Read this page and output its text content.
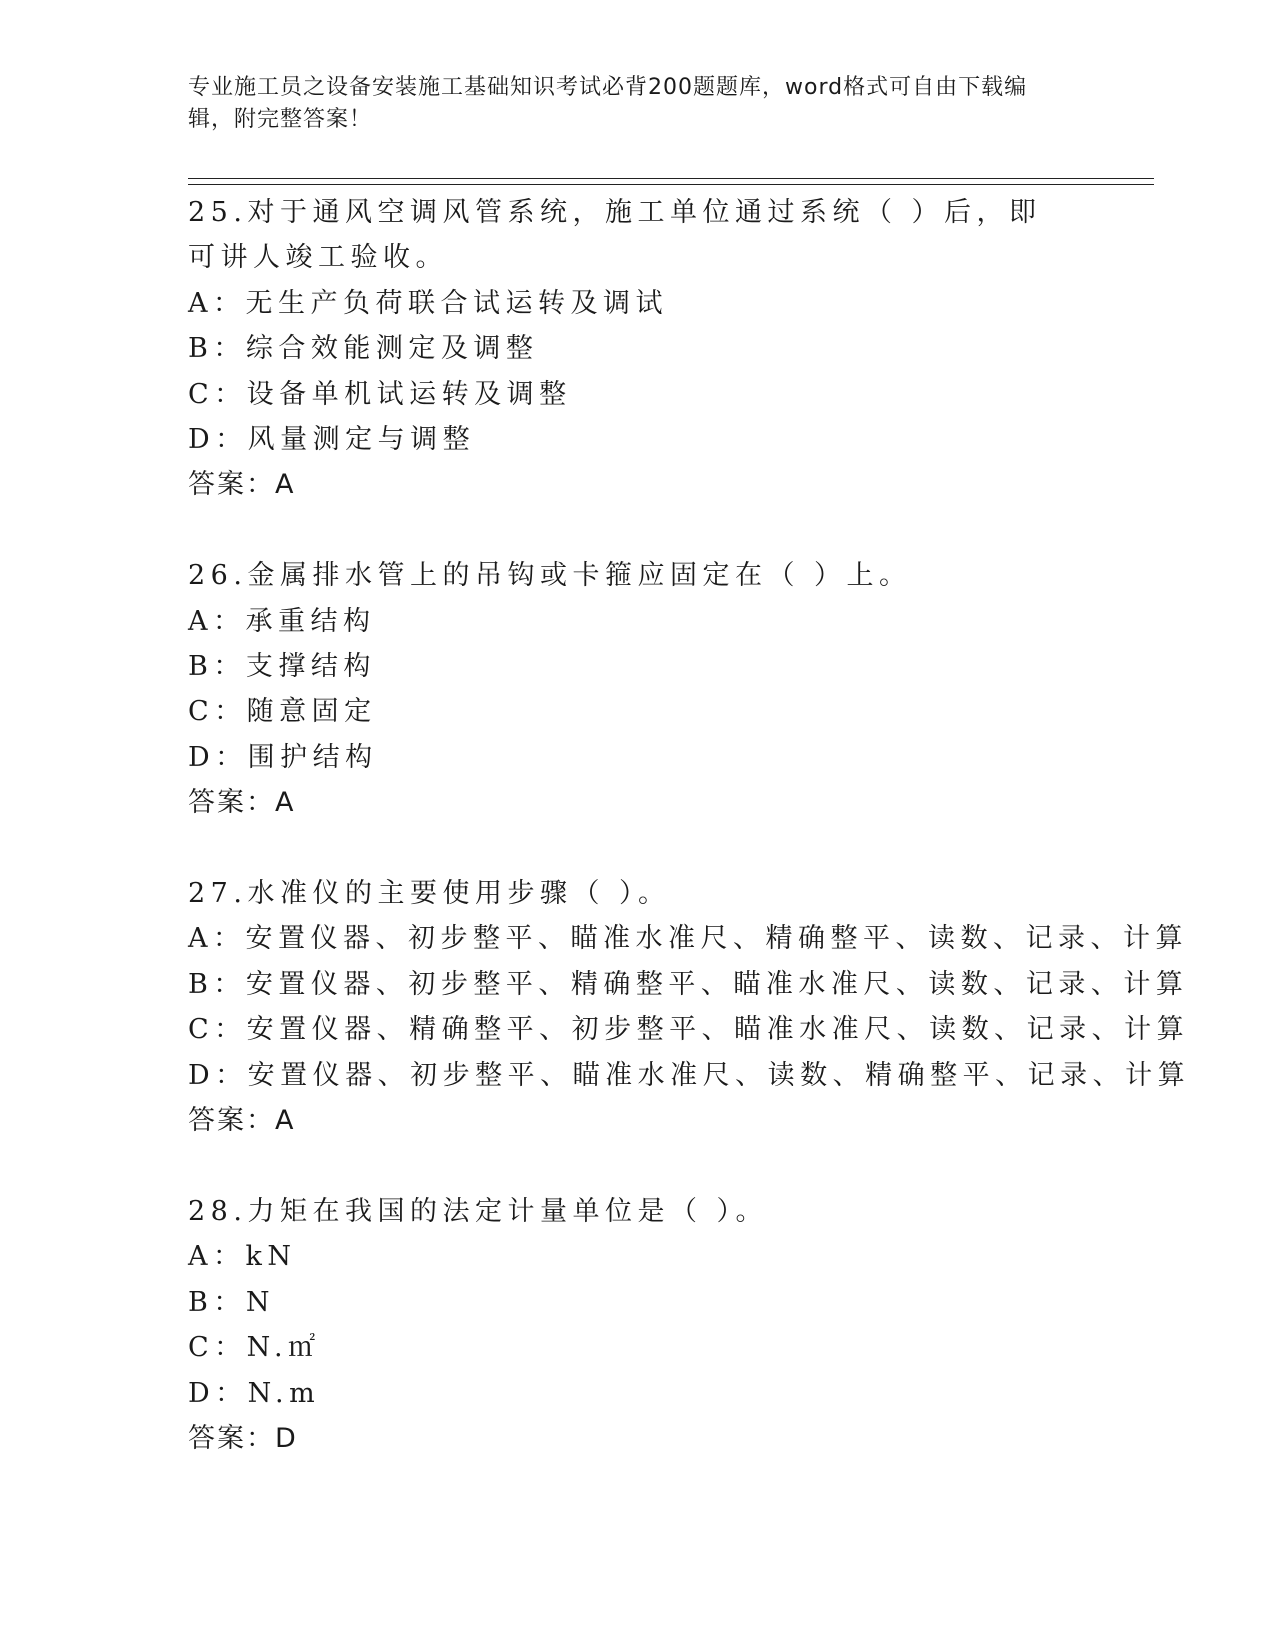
专业施工员之设备安装施工基础知识考试必背200题题库，word格式可自由下载编辑，附完整答案！
25.对于通风空调风管系统，施工单位通过系统（ ）后，即可讲人竣工验收。
A：无生产负荷联合试运转及调试
B：综合效能测定及调整
C：设备单机试运转及调整
D：风量测定与调整
答案：A
26.金属排水管上的吊钩或卡箍应固定在（ ）上。
A：承重结构
B：支撑结构
C：随意固定
D：围护结构
答案：A
27.水准仪的主要使用步骤（ ）。
A：安置仪器、初步整平、瞄准水准尺、精确整平、读数、记录、计算
B：安置仪器、初步整平、精确整平、瞄准水准尺、读数、记录、计算
C：安置仪器、精确整平、初步整平、瞄准水准尺、读数、记录、计算
D：安置仪器、初步整平、瞄准水准尺、读数、精确整平、记录、计算
答案：A
28.力矩在我国的法定计量单位是（ ）。
A：kN
B：N
C：N.㎡
D：N.m
答案：D
